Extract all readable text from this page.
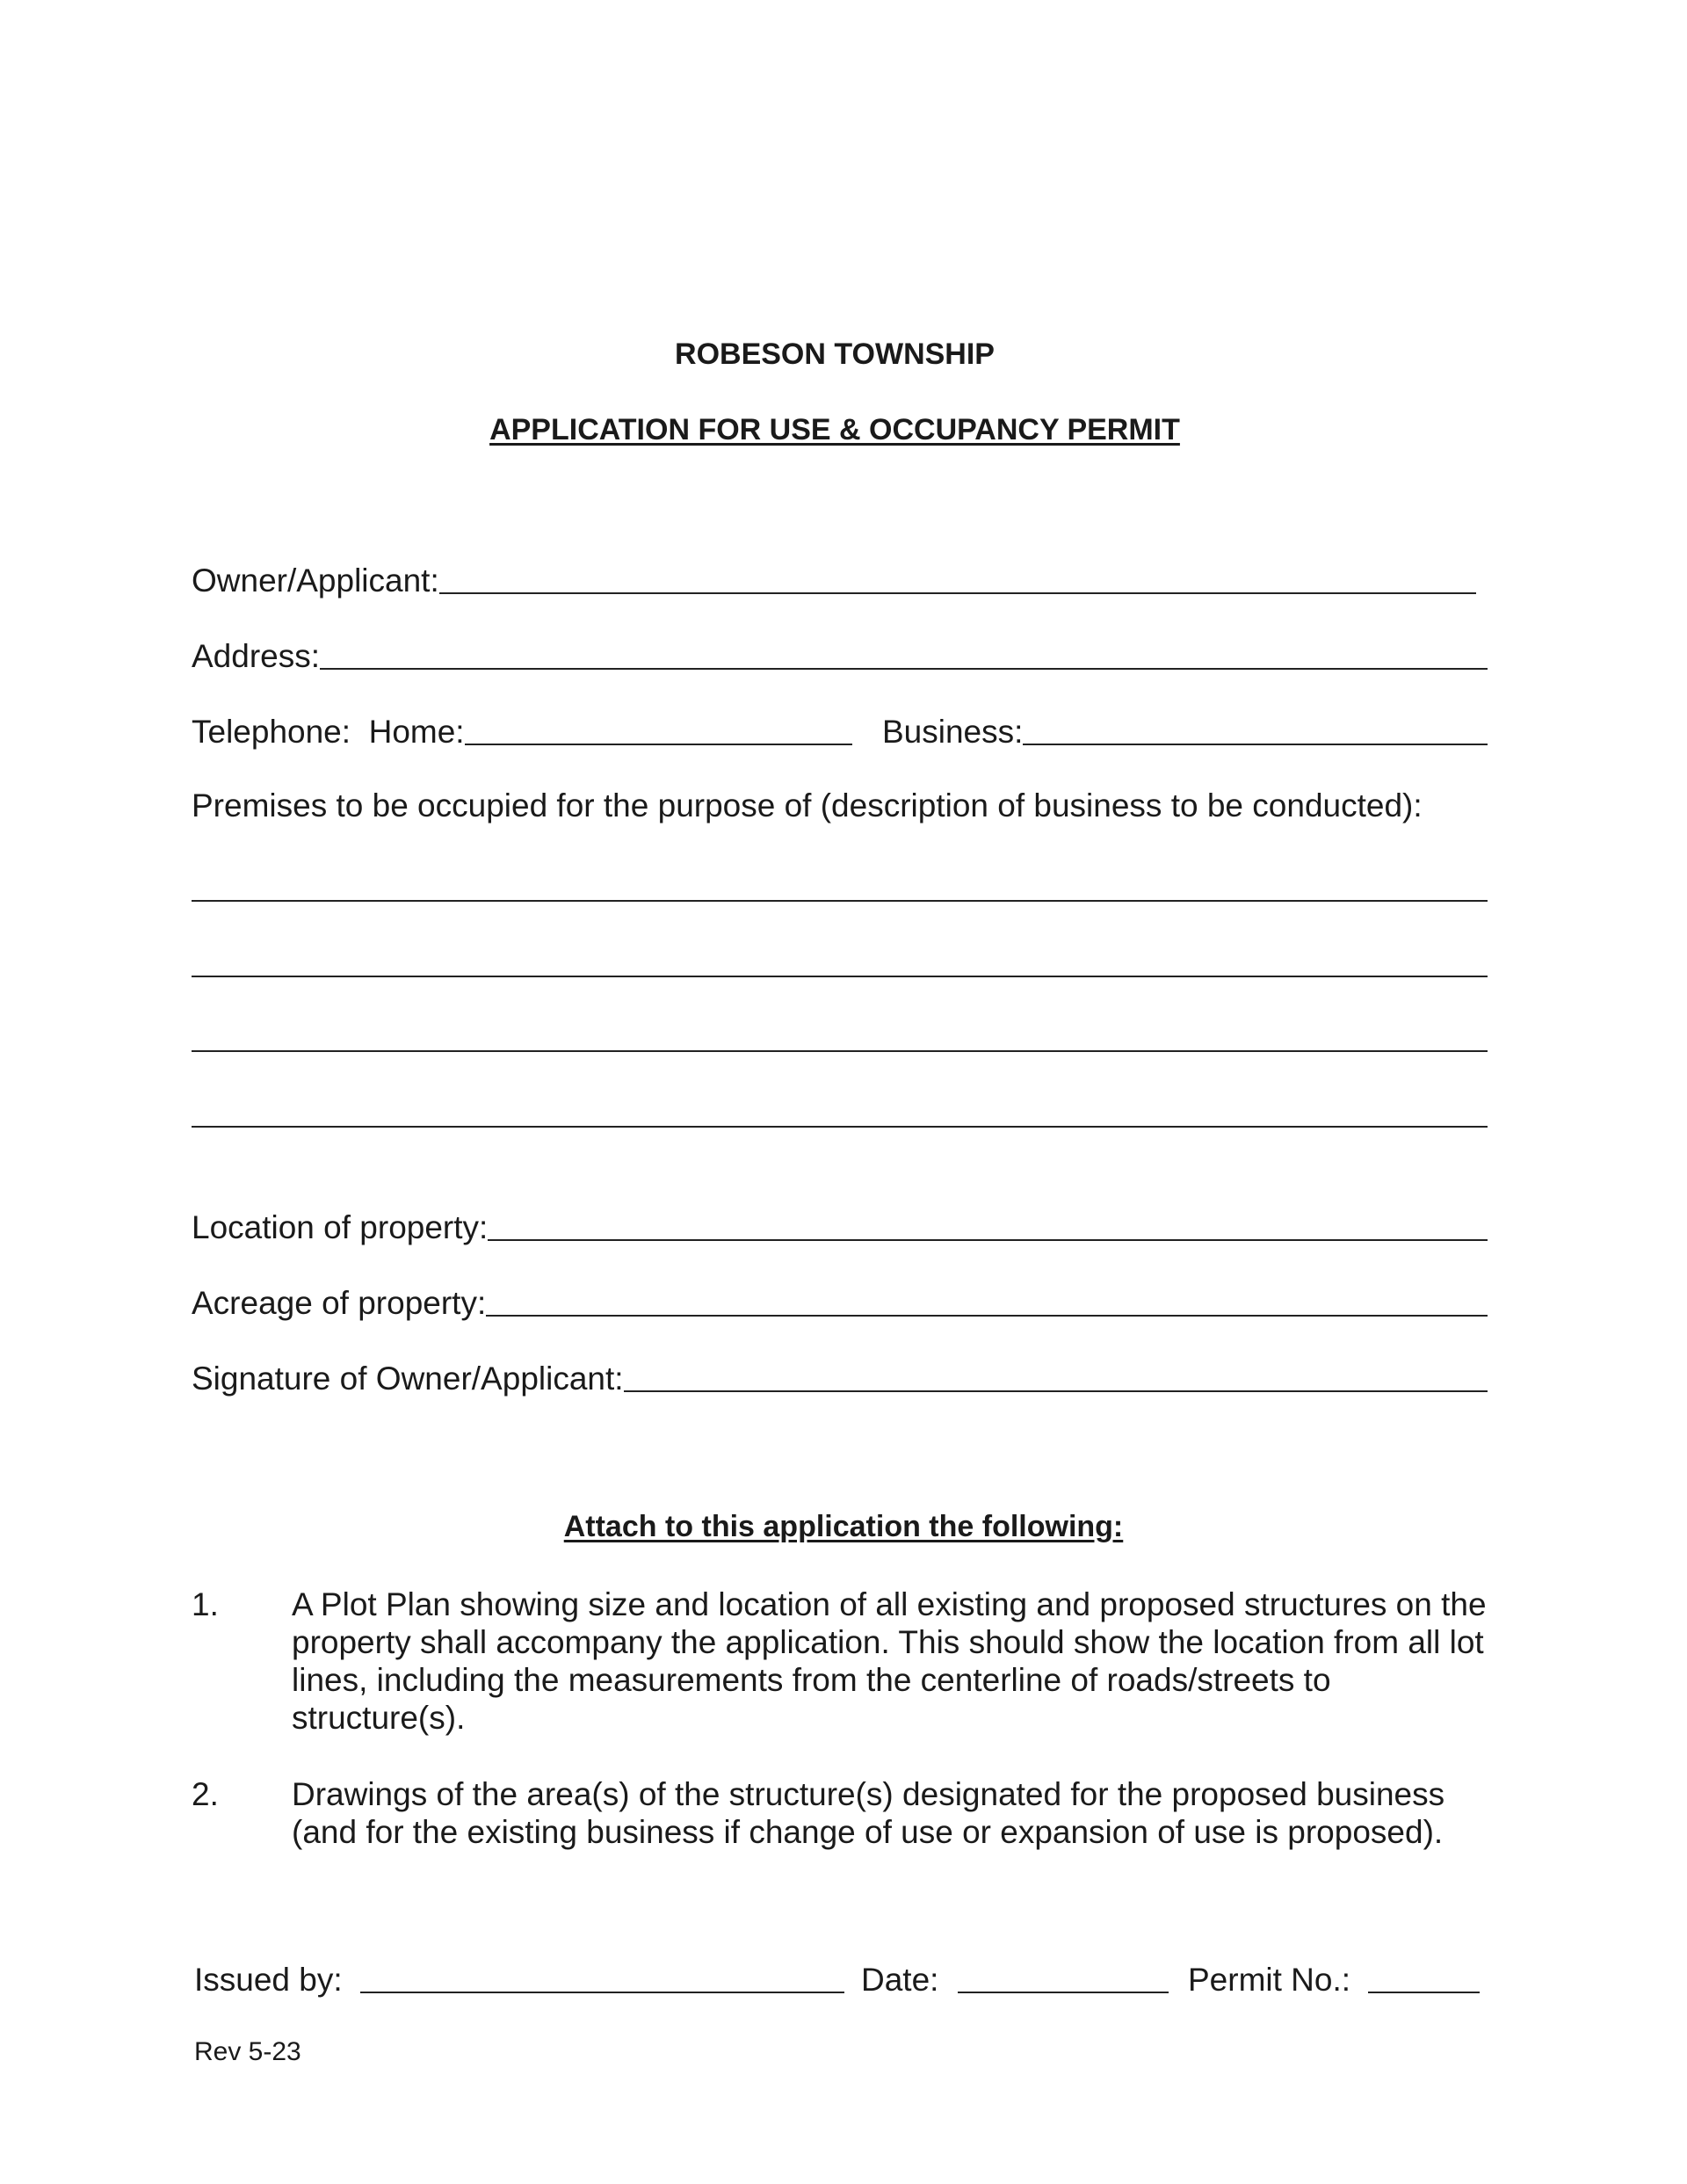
ROBESON TOWNSHIP
APPLICATION FOR USE & OCCUPANCY PERMIT
Owner/Applicant:
Address:
Telephone:  Home:	Business:
Premises to be occupied for the purpose of (description of business to be conducted):
Location of property:
Acreage of property:
Signature of Owner/Applicant:
Attach to this application the following:
1.	A Plot Plan showing size and location of all existing and proposed structures on the property shall accompany the application. This should show the location from all lot lines, including the measurements from the centerline of roads/streets to structure(s).
2.	Drawings of the area(s) of the structure(s) designated for the proposed business (and for the existing business if change of use or expansion of use is proposed).
Issued by:	Date:	Permit No.:
Rev 5-23
